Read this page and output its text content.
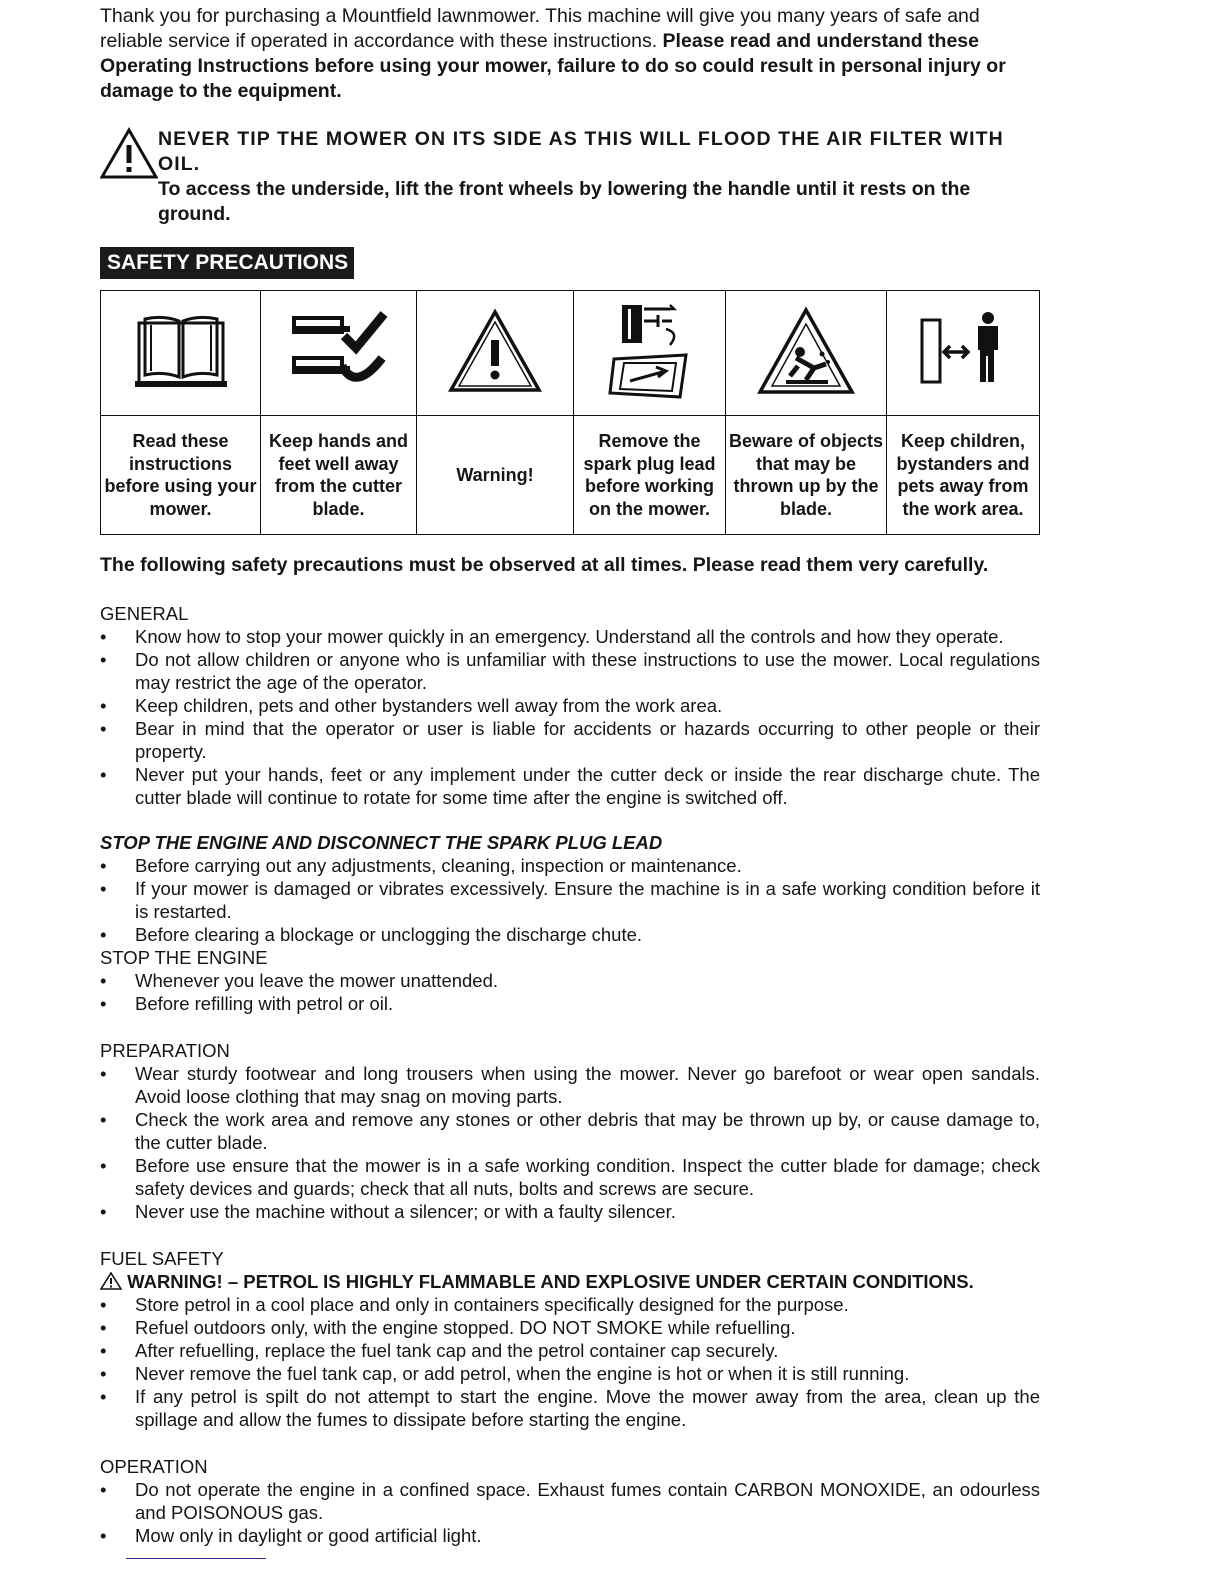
Thank you for purchasing a Mountfield lawnmower. This machine will give you many years of safe and reliable service if operated in accordance with these instructions. Please read and understand these Operating Instructions before using your mower, failure to do so could result in personal injury or damage to the equipment.

NEVER TIP THE MOWER ON ITS SIDE AS THIS WILL FLOOD THE AIR FILTER WITH OIL.
To access the underside, lift the front wheels by lowering the handle until it rests on the ground.
SAFETY PRECAUTIONS

Read these instructions before using your mower.	Keep hands and feet well away from the cutter blade.	Warning!	Remove the spark plug lead before working on the mower.	Beware of objects that may be thrown up by the blade.	Keep children, bystanders and pets away from the work area.
The following safety precautions must be observed at all times. Please read them very carefully.
GENERAL
• Know how to stop your mower quickly in an emergency. Understand all the controls and how they operate.
• Do not allow children or anyone who is unfamiliar with these instructions to use the mower. Local regulations may restrict the age of the operator.
• Keep children, pets and other bystanders well away from the work area.
• Bear in mind that the operator or user is liable for accidents or hazards occurring to other people or their property.
• Never put your hands, feet or any implement under the cutter deck or inside the rear discharge chute. The cutter blade will continue to rotate for some time after the engine is switched off.
STOP THE ENGINE AND DISCONNECT THE SPARK PLUG LEAD
• Before carrying out any adjustments, cleaning, inspection or maintenance.
• If your mower is damaged or vibrates excessively. Ensure the machine is in a safe working condition before it is restarted.
• Before clearing a blockage or unclogging the discharge chute.
STOP THE ENGINE
• Whenever you leave the mower unattended.
• Before refilling with petrol or oil.
PREPARATION
• Wear sturdy footwear and long trousers when using the mower. Never go barefoot or wear open sandals. Avoid loose clothing that may snag on moving parts.
• Check the work area and remove any stones or other debris that may be thrown up by, or cause damage to, the cutter blade.
• Before use ensure that the mower is in a safe working condition. Inspect the cutter blade for damage; check safety devices and guards; check that all nuts, bolts and screws are secure.
• Never use the machine without a silencer; or with a faulty silencer.
FUEL SAFETY
WARNING! – PETROL IS HIGHLY FLAMMABLE AND EXPLOSIVE UNDER CERTAIN CONDITIONS.
• Store petrol in a cool place and only in containers specifically designed for the purpose.
• Refuel outdoors only, with the engine stopped. DO NOT SMOKE while refuelling.
• After refuelling, replace the fuel tank cap and the petrol container cap securely.
• Never remove the fuel tank cap, or add petrol, when the engine is hot or when it is still running.
• If any petrol is spilt do not attempt to start the engine. Move the mower away from the area, clean up the spillage and allow the fumes to dissipate before starting the engine.
OPERATION
• Do not operate the engine in a confined space. Exhaust fumes contain CARBON MONOXIDE, an odourless and POISONOUS gas.
• Mow only in daylight or good artificial light.
